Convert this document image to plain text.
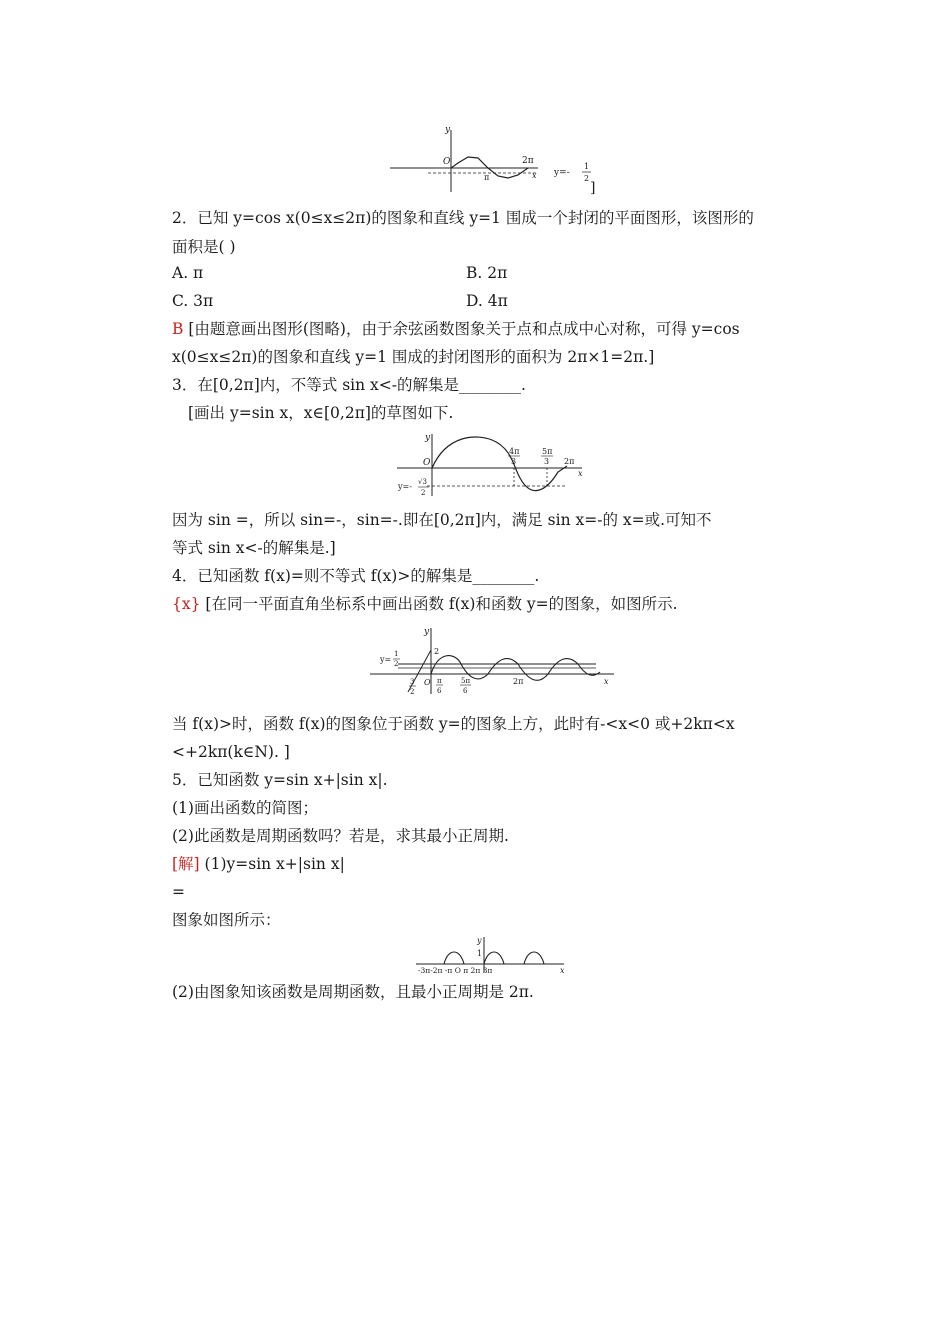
y
O	2π
π	x y=-
1
2
]
2．已知 y=cos x(0≤x≤2π)的图象和直线 y=1 围成一个封闭的平面图形，该图形的
面积是( )
A. π	B. 2π
C. 3π	D. 4π
B [由题意画出图形(图略)，由于余弦函数图象关于点和点成中心对称，可得 y=cos
x(0≤x≤2π)的图象和直线 y=1 围成的封闭图形的面积为 2π×1=2π.]
3．在[0,2π]内，不等式 sin x<-的解集是________.
[画出 y=sin x，x∈[0,2π]的草图如下.
y
O
4π
3
5π
3 2π
x
y=- √3
2
因为 sin =，所以 sin=-，sin=-.即在[0,2π]内，满足 sin x=-的 x=或.可知不
等式 sin x<-的解集是.]
4．已知函数 f(x)=则不等式 f(x)>的解集是________.
{x} [在同一平面直角坐标系中画出函数 f(x)和函数 y=的图象，如图所示.
y
y=
1
2
2
3
2
O π
6
5π
6
2π	x
当 f(x)>时，函数 f(x)的图象位于函数 y=的图象上方，此时有-<x<0 或+2kπ<x
<+2kπ(k∈N). ]
5．已知函数 y=sin x+|sin x|.
(1)画出函数的简图；
(2)此函数是周期函数吗？若是，求其最小正周期.
[解] (1)y=sin x+|sin x|
=
图象如图所示：
y
1
-3π-2π -π O π 2π 3π	x
(2)由图象知该函数是周期函数，且最小正周期是 2π.
